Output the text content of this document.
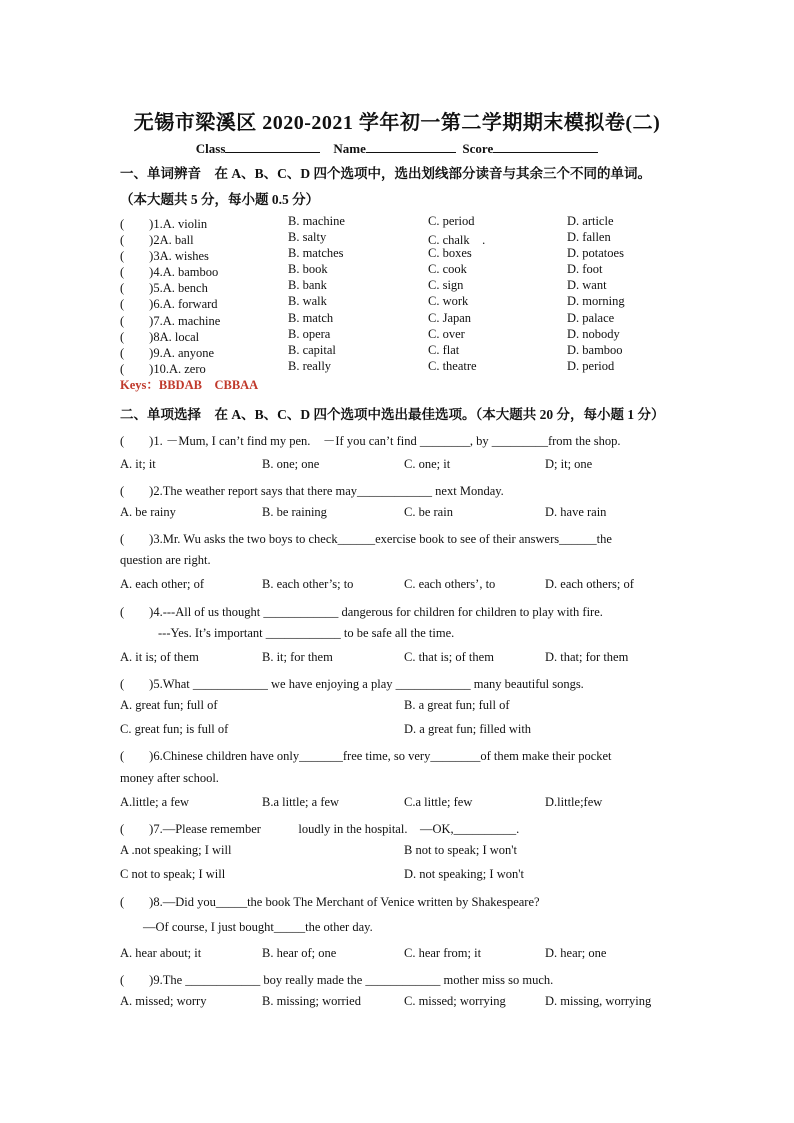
无锡市梁溪区 2020-2021 学年初一第二学期期末模拟卷(二)
Class	Name	Score
一、单词辨音　在 A、B、C、D 四个选项中，选出划线部分读音与其余三个不同的单词。
（本大题共 5 分，每小题 0.5 分）
(　　)1.A. violin	B. machine	C. period	D. article
(　　)2A. ball	B. salty	C. chalk　.	D. fallen
(　　)3A. wishes	B. matches	C. boxes	D. potatoes
(　　)4.A. bamboo	B. book	C. cook	D. foot
(　　)5.A. bench	B. bank	C. sign	D. want
(　　)6.A. forward	B. walk	C. work	D. morning
(　　)7.A. machine	B. match	C. Japan	D. palace
(　　)8A. local	B. opera	C. over	D. nobody
(　　)9.A. anyone	B. capital	C. flat	D. bamboo
(　　)10.A. zero	B. really	C. theatre	D. period
Keys：BBDAB　CBBAA
二、单项选择　在 A、B、C、D 四个选项中选出最佳选项。（本大题共 20 分，每小题 1 分）
(　　)1. －Mum, I can’t find my pen.　－If you can’t find ________, by _________from the shop.
A. it; it	B. one; one	C. one; it	D; it; one
(　　)2.The weather report says that there may____________ next Monday.
A. be rainy	B. be raining	C. be rain	D. have rain
(　　)3.Mr. Wu asks the two boys to check______exercise book to see of their answers______the
question are right.
A. each other; of	B. each other’s; to	C. each others’, to	D. each others; of
(　　)4.---All of us thought ____________ dangerous for children for children to play with fire.
---Yes. It’s important ____________ to be safe all the time.
A. it is; of them	B. it; for them	C. that is; of them	D. that; for them
(　　)5.What ____________ we have enjoying a play ____________ many beautiful songs.
A. great fun; full of	B. a great fun; full of
C. great fun; is full of	D. a great fun; filled with
(　　)6.Chinese children have only_______free time, so very________of them make their pocket
money after school.
A.little; a few	B.a little; a few	C.a little; few	D.little;few
(　　)7.—Please remember　　　loudly in the hospital.　—OK,__________.
A .not speaking; I will	B not to speak; I won't
C not to speak; I will	D. not speaking; I won't
(　　)8.—Did you_____the book The Merchant of Venice written by Shakespeare?
—Of course, I just bought_____the other day.
A. hear about; it	B. hear of; one	C. hear from; it	D. hear; one
(　　)9.The ____________ boy really made the ____________ mother miss so much.
A. missed; worry	B. missing; worried	C. missed; worrying	D. missing, worrying
